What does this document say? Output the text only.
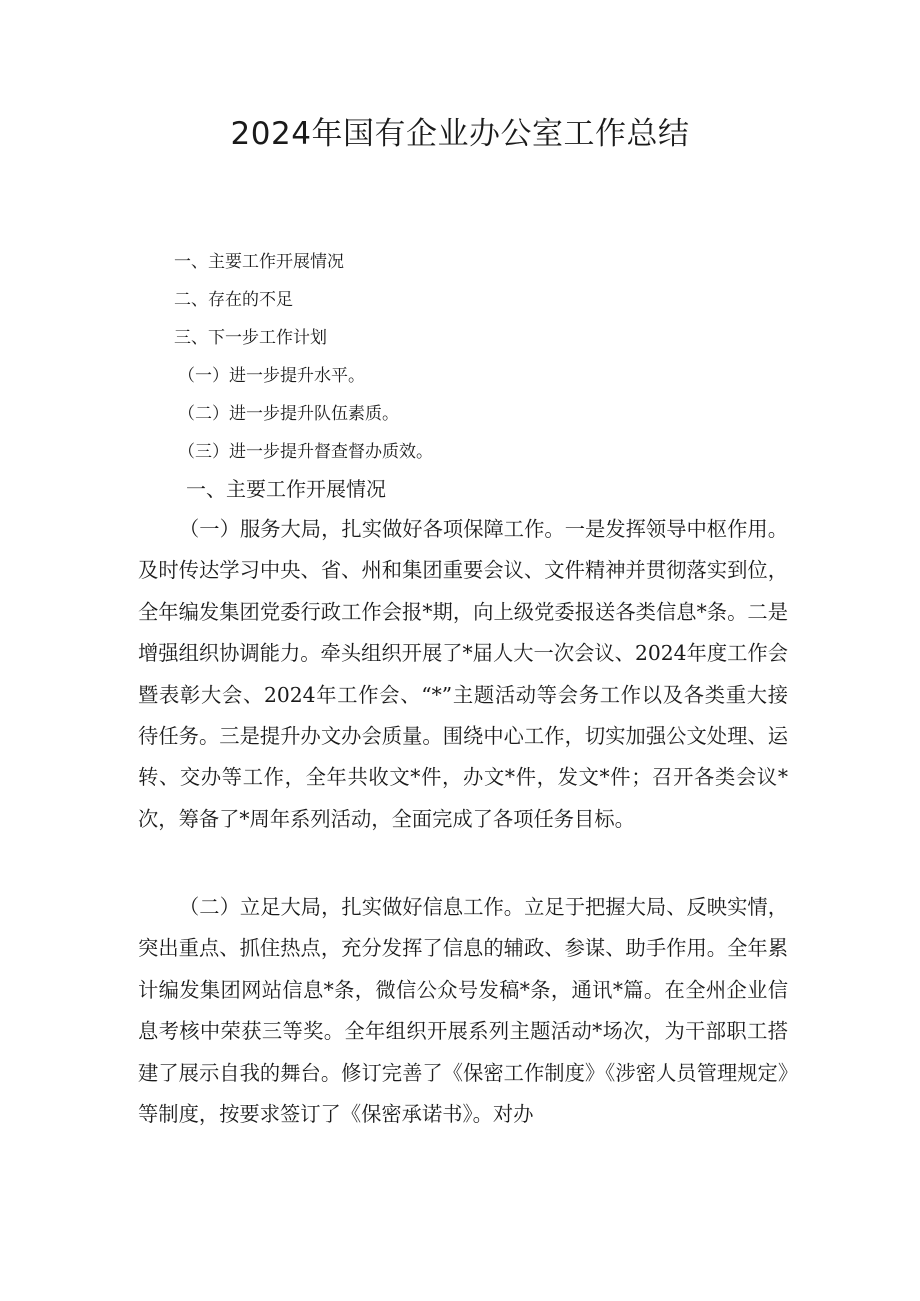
2024年国有企业办公室工作总结
一、主要工作开展情况
二、存在的不足
三、下一步工作计划
（一）进一步提升水平。
（二）进一步提升队伍素质。
（三）进一步提升督查督办质效。
一、主要工作开展情况

（一）服务大局，扎实做好各项保障工作。一是发挥领导中枢作用。及时传达学习中央、省、州和集团重要会议、文件精神并贯彻落实到位，全年编发集团党委行政工作会报*期，向上级党委报送各类信息*条。二是增强组织协调能力。牵头组织开展了*届人大一次会议、2024年度工作会暨表彰大会、2024年工作会、“*”主题活动等会务工作以及各类重大接待任务。三是提升办文办会质量。围绕中心工作，切实加强公文处理、运转、交办等工作，全年共收文*件，办文*件，发文*件；召开各类会议*次，筹备了*周年系列活动，全面完成了各项任务目标。

（二）立足大局，扎实做好信息工作。立足于把握大局、反映实情，突出重点、抓住热点，充分发挥了信息的辅政、参谋、助手作用。全年累计编发集团网站信息*条，微信公众号发稿*条，通讯*篇。在全州企业信息考核中荣获三等奖。全年组织开展系列主题活动*场次，为干部职工搭建了展示自我的舞台。修订完善了《保密工作制度》《涉密人员管理规定》等制度，按要求签订了《保密承诺书》。对办
